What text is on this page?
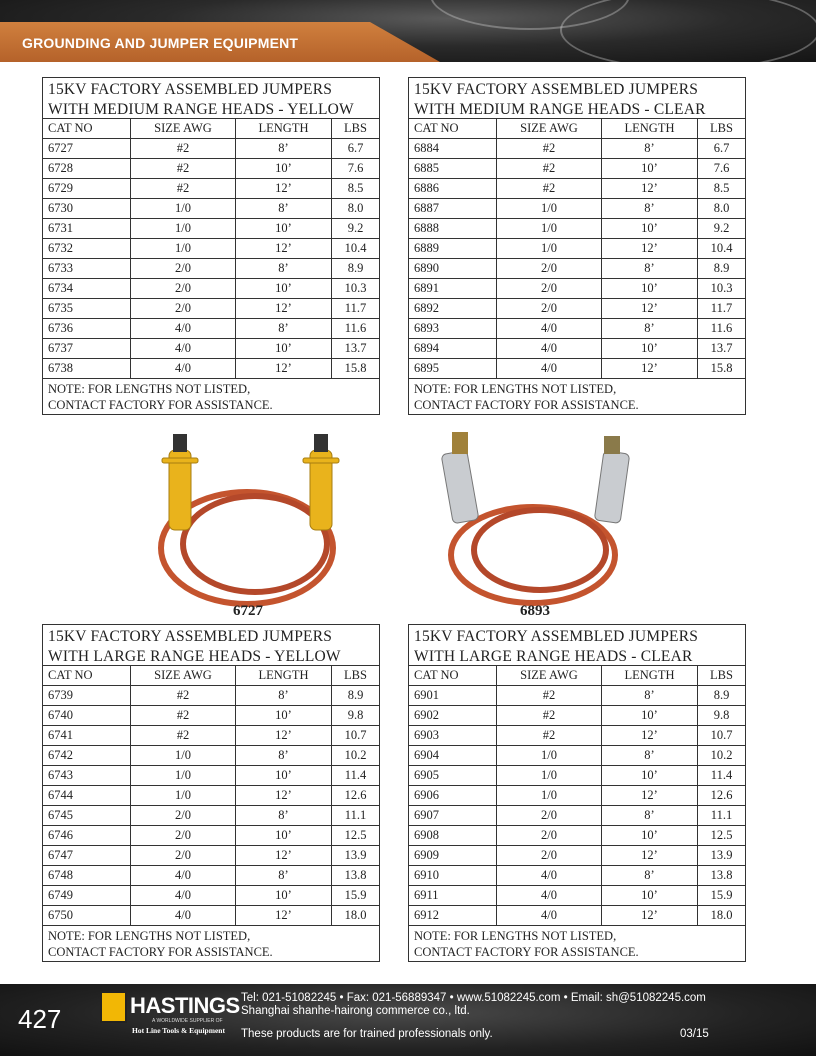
GROUNDING AND JUMPER EQUIPMENT
15KV FACTORY ASSEMBLED JUMPERS
WITH MEDIUM RANGE HEADS - YELLOW
CAT NO	SIZE AWG	LENGTH	LBS
6727	#2	8’	6.7
6728	#2	10’	7.6
6729	#2	12’	8.5
6730	1/0	8’	8.0
6731	1/0	10’	9.2
6732	1/0	12’	10.4
6733	2/0	8’	8.9
6734	2/0	10’	10.3
6735	2/0	12’	11.7
6736	4/0	8’	11.6
6737	4/0	10’	13.7
6738	4/0	12’	15.8
NOTE: FOR LENGTHS NOT LISTED,
CONTACT FACTORY FOR ASSISTANCE.
15KV FACTORY ASSEMBLED JUMPERS
WITH MEDIUM RANGE HEADS - CLEAR
CAT NO	SIZE AWG	LENGTH	LBS
6884	#2	8’	6.7
6885	#2	10’	7.6
6886	#2	12’	8.5
6887	1/0	8’	8.0
6888	1/0	10’	9.2
6889	1/0	12’	10.4
6890	2/0	8’	8.9
6891	2/0	10’	10.3
6892	2/0	12’	11.7
6893	4/0	8’	11.6
6894	4/0	10’	13.7
6895	4/0	12’	15.8
NOTE: FOR LENGTHS NOT LISTED,
CONTACT FACTORY FOR ASSISTANCE.
15KV FACTORY ASSEMBLED JUMPERS
WITH LARGE RANGE HEADS - YELLOW
CAT NO	SIZE AWG	LENGTH	LBS
6739	#2	8’	8.9
6740	#2	10’	9.8
6741	#2	12’	10.7
6742	1/0	8’	10.2
6743	1/0	10’	11.4
6744	1/0	12’	12.6
6745	2/0	8’	11.1
6746	2/0	10’	12.5
6747	2/0	12’	13.9
6748	4/0	8’	13.8
6749	4/0	10’	15.9
6750	4/0	12’	18.0
NOTE: FOR LENGTHS NOT LISTED,
CONTACT FACTORY FOR ASSISTANCE.
15KV FACTORY ASSEMBLED JUMPERS
WITH LARGE RANGE HEADS - CLEAR
CAT NO	SIZE AWG	LENGTH	LBS
6901	#2	8’	8.9
6902	#2	10’	9.8
6903	#2	12’	10.7
6904	1/0	8’	10.2
6905	1/0	10’	11.4
6906	1/0	12’	12.6
6907	2/0	8’	11.1
6908	2/0	10’	12.5
6909	2/0	12’	13.9
6910	4/0	8’	13.8
6911	4/0	10’	15.9
6912	4/0	12’	18.0
NOTE: FOR LENGTHS NOT LISTED,
CONTACT FACTORY FOR ASSISTANCE.
6727	6893
427	HASTINGS
A WORLDWIDE SUPPLIER OF
Hot Line Tools & Equipment
Tel: 021-51082245 • Fax: 021-56889347 • www.51082245.com • Email: sh@51082245.com
Shanghai shanhe-hairong commerce co., ltd.
These products are for trained professionals only.	03/15
